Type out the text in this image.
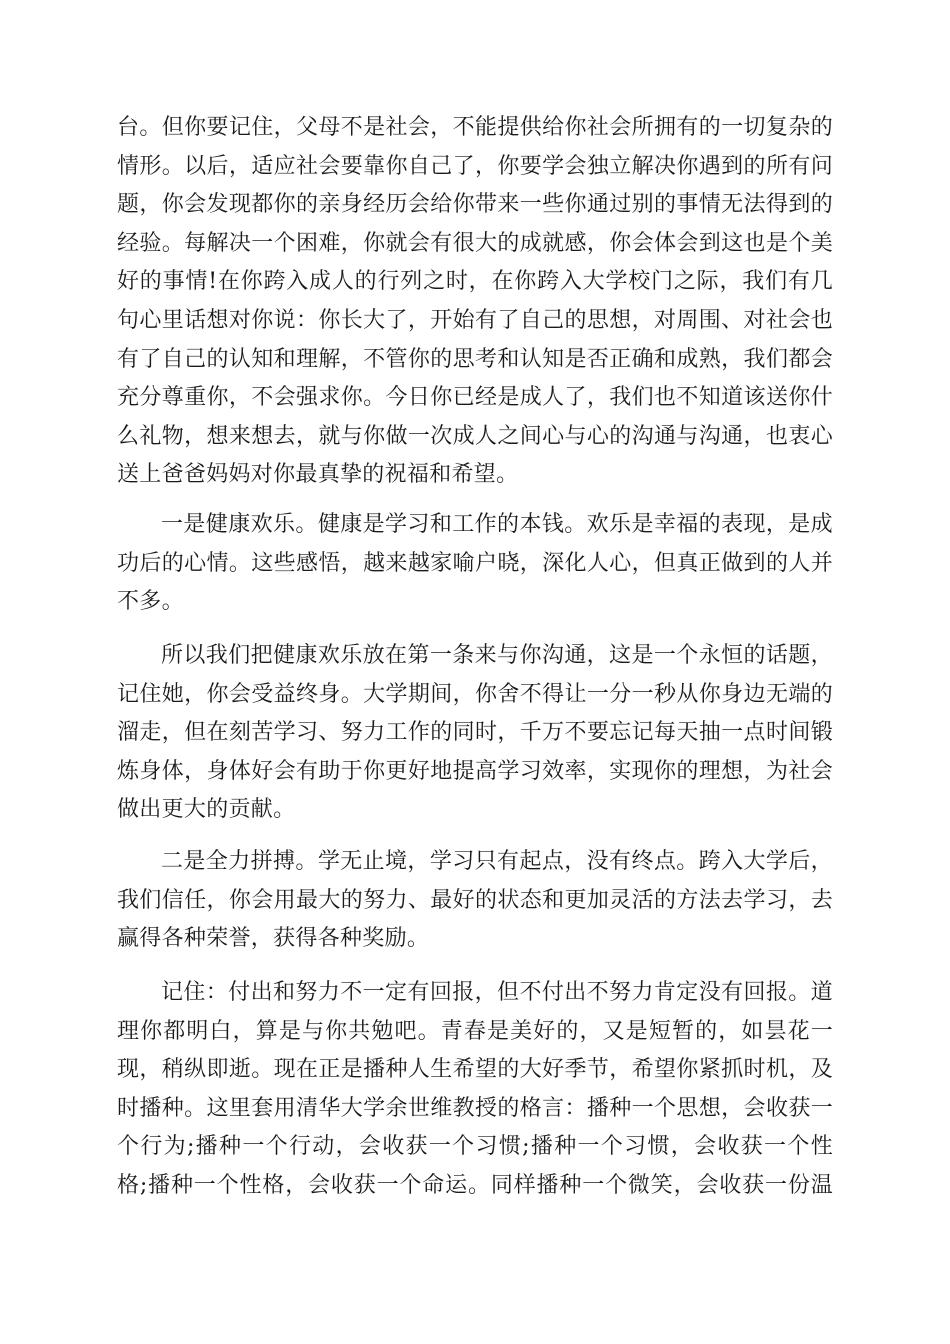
台。但你要记住，父母不是社会，不能提供给你社会所拥有的一切复杂的
情形。以后，适应社会要靠你自己了，你要学会独立解决你遇到的所有问
题，你会发现都你的亲身经历会给你带来一些你通过别的事情无法得到的
经验。每解决一个困难，你就会有很大的成就感，你会体会到这也是个美
好的事情!在你跨入成人的行列之时，在你跨入大学校门之际，我们有几
句心里话想对你说：你长大了，开始有了自己的思想，对周围、对社会也
有了自己的认知和理解，不管你的思考和认知是否正确和成熟，我们都会
充分尊重你，不会强求你。今日你已经是成人了，我们也不知道该送你什
么礼物，想来想去，就与你做一次成人之间心与心的沟通与沟通，也衷心
送上爸爸妈妈对你最真挚的祝福和希望。
一是健康欢乐。健康是学习和工作的本钱。欢乐是幸福的表现，是成
功后的心情。这些感悟，越来越家喻户晓，深化人心，但真正做到的人并
不多。
所以我们把健康欢乐放在第一条来与你沟通，这是一个永恒的话题，
记住她，你会受益终身。大学期间，你舍不得让一分一秒从你身边无端的
溜走，但在刻苦学习、努力工作的同时，千万不要忘记每天抽一点时间锻
炼身体，身体好会有助于你更好地提高学习效率，实现你的理想，为社会
做出更大的贡献。
二是全力拼搏。学无止境，学习只有起点，没有终点。跨入大学后，
我们信任，你会用最大的努力、最好的状态和更加灵活的方法去学习，去
赢得各种荣誉，获得各种奖励。
记住：付出和努力不一定有回报，但不付出不努力肯定没有回报。道
理你都明白，算是与你共勉吧。青春是美好的，又是短暂的，如昙花一
现，稍纵即逝。现在正是播种人生希望的大好季节，希望你紧抓时机，及
时播种。这里套用清华大学余世维教授的格言：播种一个思想，会收获一
个行为;播种一个行动，会收获一个习惯;播种一个习惯，会收获一个性
格;播种一个性格，会收获一个命运。同样播种一个微笑，会收获一份温
